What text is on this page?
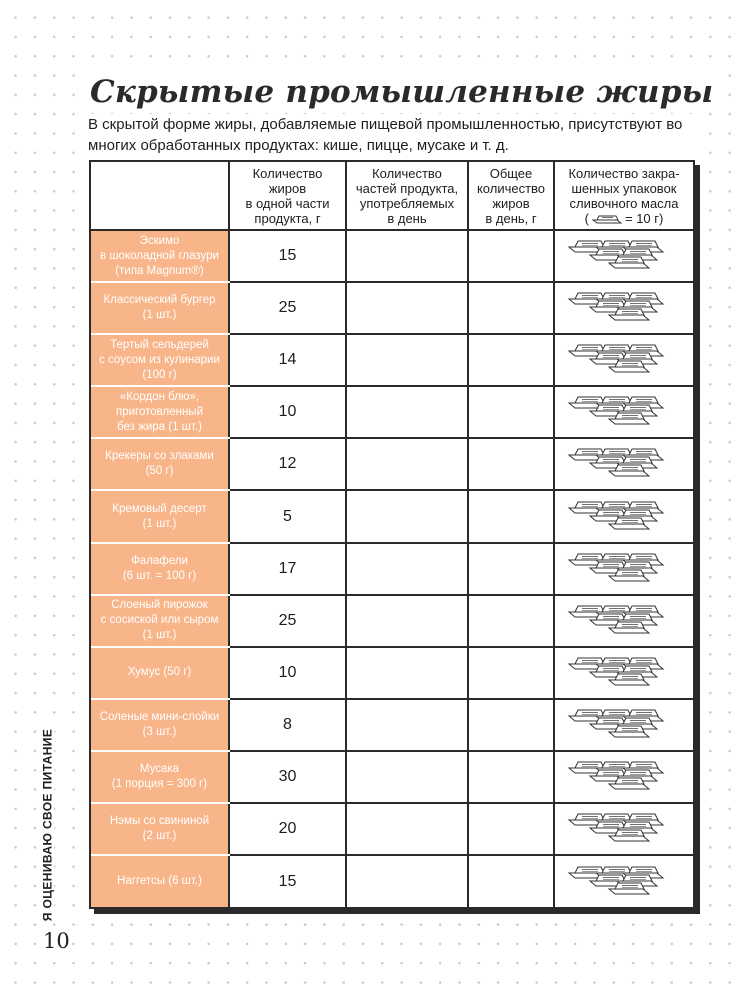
Скрытые промышленные жиры

В скрытой форме жиры, добавляемые пищевой промышленностью, присутствуют во
многих обработанных продуктах: кише, пицце, мусаке и т. д.

	Количество
жиров
в одной части
продукта, г	Количество
частей продукта,
употребляемых
в день	Общее
количество
жиров
в день, г	Количество закра-
шенных упаковок
сливочного масла
( = 10 г)
Эскимо
в шоколадной глазури
(типа Magnum®)	15			

Классический бургер
(1 шт.)	25			

Тертый сельдерей
с соусом из кулинарии
(100 г)	14			

«Кордон блю»,
приготовленный
без жира (1 шт.)	10			

Крекеры со злаками
(50 г)	12			

Кремовый десерт
(1 шт.)	5			

Фалафели
(6 шт. = 100 г)	17			

Слоеный пирожок
с сосиской или сыром
(1 шт.)	25			

Хумус (50 г)	10			

Соленые мини-слойки
(3 шт.)	8			

Мусака
(1 порция = 300 г)	30			

Нэмы со свининой
(2 шт.)	20			

Наггетсы (6 шт.)	15			
Я ОЦЕНИВАЮ СВОЕ ПИТАНИЕ
10
